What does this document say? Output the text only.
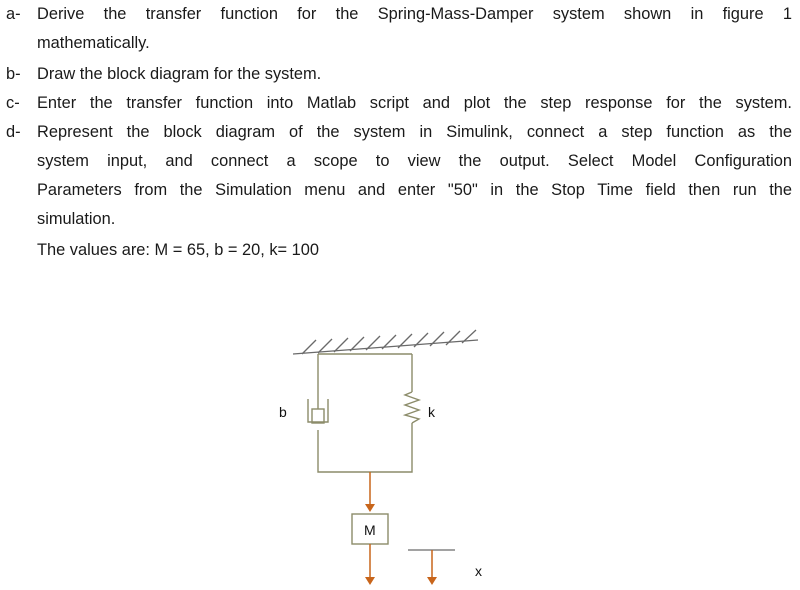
a- Derive the transfer function for the Spring-Mass-Damper system shown in figure 1
mathematically.
b- Draw the block diagram for the system.
c- Enter the transfer function into Matlab script and plot the step response for the system.
d- Represent the block diagram of the system in Simulink, connect a step function as the
system input, and connect a scope to view the output. Select Model Configuration
Parameters from the Simulation menu and enter "50" in the Stop Time field then run the
simulation.
The values are: M = 65, b = 20, k= 100
b	k
M
x
